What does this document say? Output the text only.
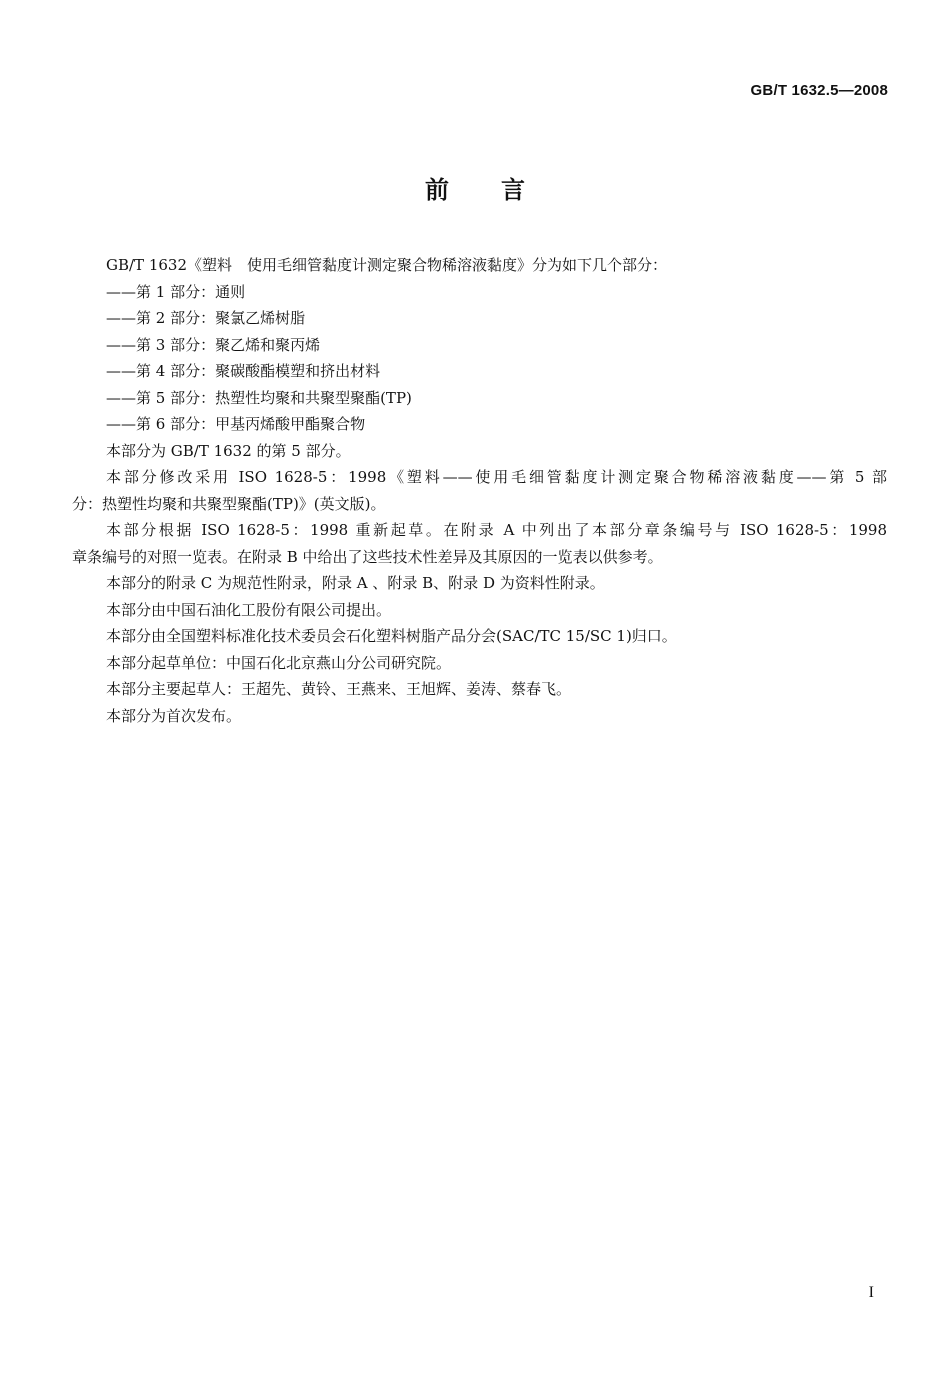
GB/T 1632.5—2008
前言
GB/T 1632《塑料　使用毛细管黏度计测定聚合物稀溶液黏度》分为如下几个部分：
——第 1 部分：通则
——第 2 部分：聚氯乙烯树脂
——第 3 部分：聚乙烯和聚丙烯
——第 4 部分：聚碳酸酯模塑和挤出材料
——第 5 部分：热塑性均聚和共聚型聚酯(TP)
——第 6 部分：甲基丙烯酸甲酯聚合物
本部分为 GB/T 1632 的第 5 部分。
本部分修改采用 ISO 1628-5：1998《塑料——使用毛细管黏度计测定聚合物稀溶液黏度——第 5 部
分：热塑性均聚和共聚型聚酯(TP)》(英文版)。
本部分根据 ISO 1628-5：1998 重新起草。在附录 A 中列出了本部分章条编号与 ISO 1628-5：1998
章条编号的对照一览表。在附录 B 中给出了这些技术性差异及其原因的一览表以供参考。
本部分的附录 C 为规范性附录，附录 A 、附录 B、附录 D 为资料性附录。
本部分由中国石油化工股份有限公司提出。
本部分由全国塑料标准化技术委员会石化塑料树脂产品分会(SAC/TC 15/SC 1)归口。
本部分起草单位：中国石化北京燕山分公司研究院。
本部分主要起草人：王超先、黄铃、王燕来、王旭辉、姜涛、蔡春飞。
本部分为首次发布。
I
